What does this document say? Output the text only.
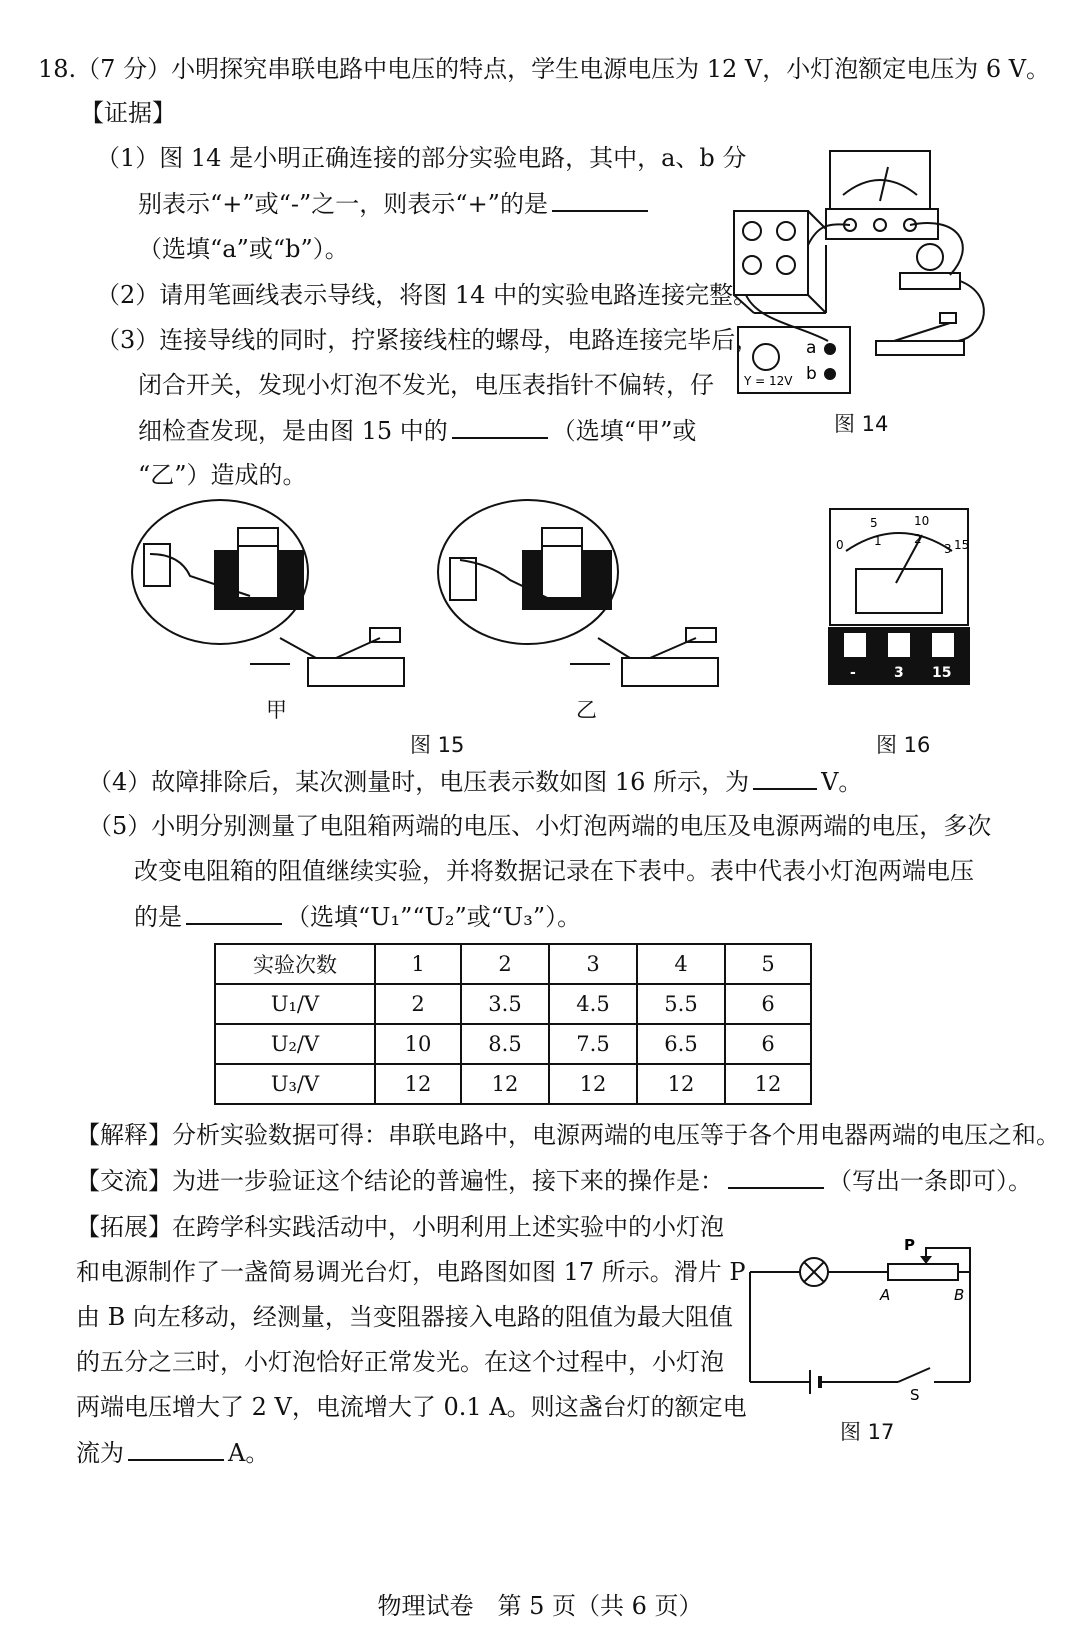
18.（7 分）小明探究串联电路中电压的特点，学生电源电压为 12 V，小灯泡额定电压为 6 V。
【证据】
（1）图 14 是小明正确连接的部分实验电路，其中，a、b 分
别表示“+”或“-”之一，则表示“+”的是
（选填“a”或“b”）。
（2）请用笔画线表示导线，将图 14 中的实验电路连接完整。
（3）连接导线的同时，拧紧接线柱的螺母，电路连接完毕后，
闭合开关，发现小灯泡不发光，电压表指针不偏转，仔
细检查发现，是由图 15 中的	（选填“甲”或
“乙”）造成的。
a
b
Y = 12V
图 14
甲	乙
图 15
0
5	10
15
1	2
3
-	3 15
图 16
（4）故障排除后，某次测量时，电压表示数如图 16 所示，为	V。
（5）小明分别测量了电阻箱两端的电压、小灯泡两端的电压及电源两端的电压，多次
改变电阻箱的阻值继续实验，并将数据记录在下表中。表中代表小灯泡两端电压
的是	（选填“U₁”“U₂”或“U₃”）。
实验次数	1	2	3	4	5
U₁/V	2	3.5	4.5	5.5	6
U₂/V	10	8.5	7.5	6.5	6
U₃/V	12	12	12	12	12
【解释】分析实验数据可得：串联电路中，电源两端的电压等于各个用电器两端的电压之和。
【交流】为进一步验证这个结论的普遍性，接下来的操作是：	（写出一条即可）。
【拓展】在跨学科实践活动中，小明利用上述实验中的小灯泡
和电源制作了一盏简易调光台灯，电路图如图 17 所示。滑片 P
由 B 向左移动，经测量，当变阻器接入电路的阻值为最大阻值
的五分之三时，小灯泡恰好正常发光。在这个过程中，小灯泡
两端电压增大了 2 V，电流增大了 0.1 A。则这盏台灯的额定电
流为	A。
P
A	B
S
图 17
物理试卷　第 5 页（共 6 页）
